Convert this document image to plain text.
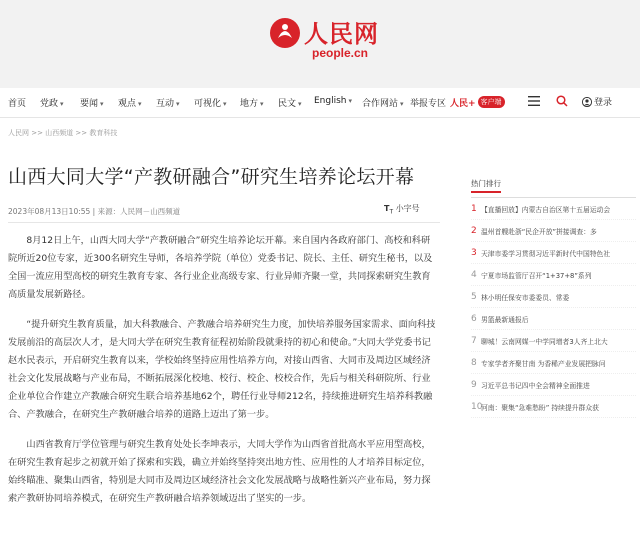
人民网
people.cn
首页 党政 ▾ 要闻 ▾ 观点 ▾ 互动 ▾ 可视化 ▾ 地方 ▾ 民文 ▾ English ▾ 合作网站 ▾ 举报专区 人民+ 客户端	登录
人民网 >> 山西频道 >> 教育科技
山西大同大学“产教研融合”研究生培养论坛开幕
2023年08月13日10:55 | 来源：人民网－山西频道	$T_T$ 小字号

8月12日上午，山西大同大学“产教研融合”研究生培养论坛开幕。来自国内各政府部门、高校和科研院所近20位专家，近300名研究生导师，各培养学院（单位）党委书记、院长、主任、研究生秘书，以及全国一流应用型高校的研究生教育专家、各行业企业高级专家、行业异师齐聚一堂，共同探索研究生教育高质量发展新路径。

“提升研究生教育质量，加大科教融合、产教融合培养研究生力度，加快培养服务国家需求、面向科技发展前沿的高层次人才，是大同大学在研究生教育征程初始阶段就秉持的初心和使命。”大同大学党委书记赵水民表示，开启研究生教育以来，学校始终坚持应用性培养方向，对接山西省、大同市及周边区域经济社会文化发展战略与产业布局，不断拓展深化校地、校行、校企、校校合作，先后与相关科研院所、行业企业单位合作建立产教融合研究生联合培养基地62个，聘任行业导师212名，持续推进研究生培养科教融合、产教融合，在研究生产教研融合培养的道路上迈出了第一步。

山西省教育厅学位管理与研究生教育处处长李坤表示，大同大学作为山西省首批高水平应用型高校，在研究生教育起步之初就开始了探索和实践，确立并始终坚持突出地方性、应用性的人才培养目标定位，始终瞄准、聚集山西省，特别是大同市及周边区域经济社会文化发展战略与战略性新兴产业布局，努力探索产教研协同培养模式，在研究生产教研融合培养领域迈出了坚实的一步。

热门排行
1 【直播回放】内蒙古自治区第十五届运动会
2 温州首艘赴浙“民企开放”拼接调查：多
3 天津市委学习贯彻习近平新时代中国特色社
4 宁夏市场监管厅召开“1+37+8”系列
5 林小明任保安市委委员、常委
6 男篮最新通报后
7 聊城！云南网媒一中学同增者3人齐上北大
8 专家学者齐聚甘南 为香稀产业发展把脉问
9 习近平总书记四中全会精神全面推进
10
河南：聚集“急难愁盼” 持续提升群众获
